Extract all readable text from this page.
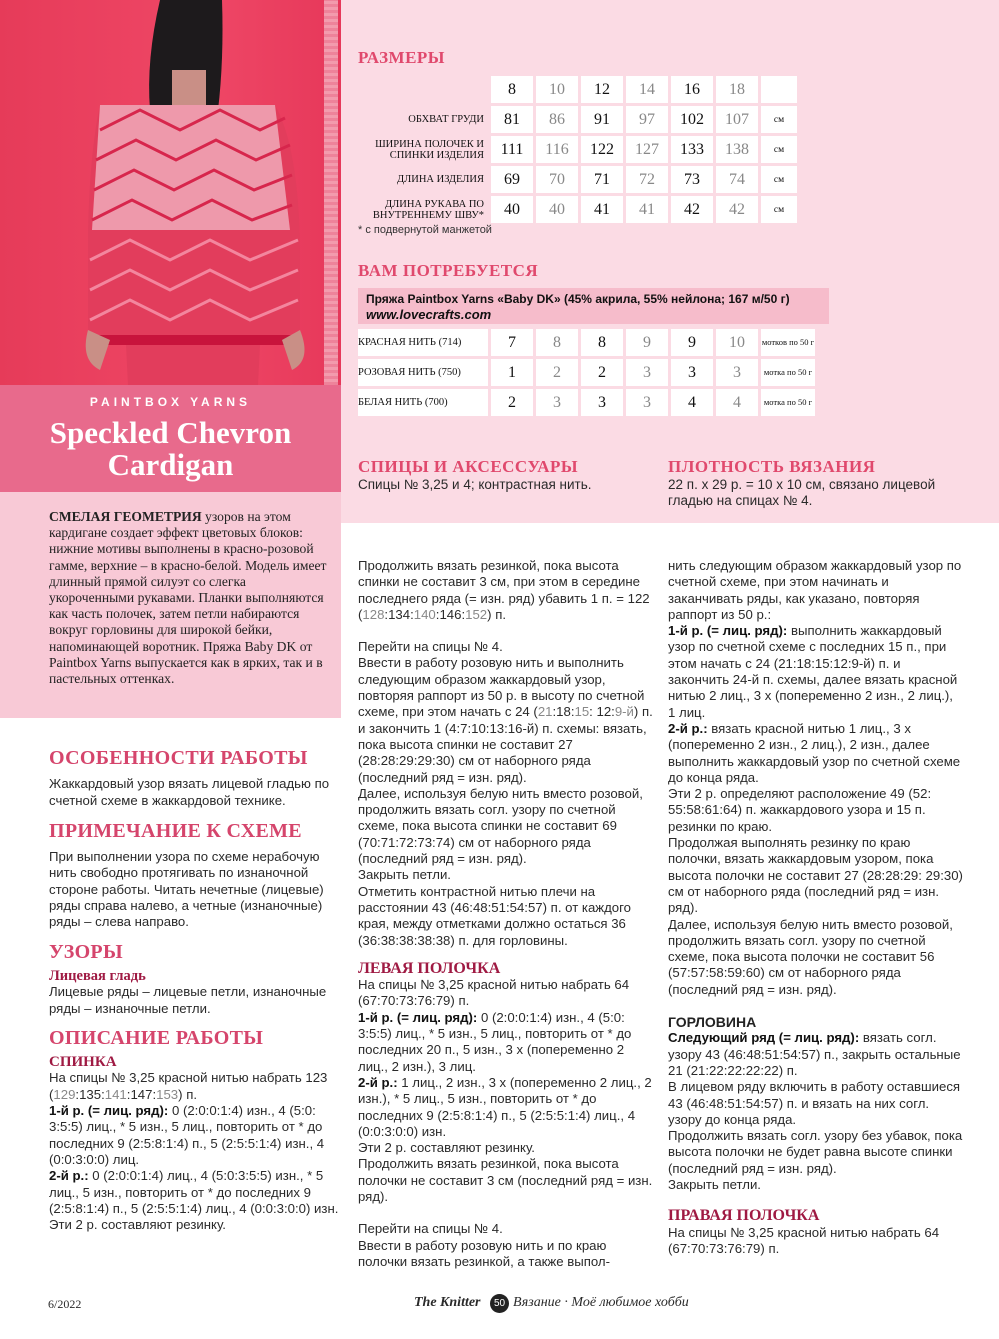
PAINTBOX YARNS
Speckled Chevron
Cardigan

СМЕЛАЯ ГЕОМЕТРИЯ узоров на этом кардигане создает эффект цветовых блоков: нижние мотивы выполнены в красно-розовой гамме, верхние – в красно-белой. Модель имеет длинный прямой силуэт со слегка укороченными рукавами. Планки выполняются как часть полочек, затем петли набираются вокруг горловины для широкой бейки, напоминающей воротник. Пряжа Baby DK от Paintbox Yarns выпускается как в ярких, так и в пастельных оттенках.

РАЗМЕРЫ
	8	10	12	14	16	18	
ОБХВАТ ГРУДИ	81	86	91	97	102	107	см
ШИРИНА ПОЛОЧЕК И СПИНКИ ИЗДЕЛИЯ	111	116	122	127	133	138	см
ДЛИНА ИЗДЕЛИЯ	69	70	71	72	73	74	см
ДЛИНА РУКАВА ПО ВНУТРЕННЕМУ ШВУ*	40	40	41	41	42	42	см
* с подвернутой манжетой
ВАМ ПОТРЕБУЕТСЯ
Пряжа Paintbox Yarns «Baby DK» (45% акрила, 55% нейлона; 167 м/50 г)
www.lovecrafts.com
КРАСНАЯ НИТЬ (714)	7	8	8	9	9	10	мотков по 50 г
РОЗОВАЯ НИТЬ (750)	1	2	2	3	3	3	мотка по 50 г
БЕЛАЯ НИТЬ (700)	2	3	3	3	4	4	мотка по 50 г
СПИЦЫ И АКСЕССУАРЫ
Спицы № 3,25 и 4; контрастная нить.
ПЛОТНОСТЬ ВЯЗАНИЯ
22 п. х 29 р. = 10 х 10 см, связано лицевой гладью на спицах № 4.
ОСОБЕННОСТИ РАБОТЫ
Жаккардовый узор вязать лицевой гладью по счетной схеме в жаккардовой технике.
ПРИМЕЧАНИЕ К СХЕМЕ
При выполнении узора по схеме нерабочую нить свободно протягивать по изнаночной стороне работы. Читать нечетные (лицевые) ряды справа налево, а четные (изнаночные) ряды – слева направо.
УЗОРЫ
Лицевая гладь
Лицевые ряды – лицевые петли, изнаночные ряды – изнаночные петли.
ОПИСАНИЕ РАБОТЫ
СПИНКА
На спицы № 3,25 красной нитью набрать 123 (129:135:141:147:153) п.
1-й р. (= лиц. ряд): 0 (2:0:0:1:4) изн., 4 (5:0: 3:5:5) лиц., * 5 изн., 5 лиц., повторить от * до последних 9 (2:5:8:1:4) п., 5 (2:5:5:1:4) изн., 4 (0:0:3:0:0) лиц.
2-й р.: 0 (2:0:0:1:4) лиц., 4 (5:0:3:5:5) изн., * 5 лиц., 5 изн., повторить от * до последних 9 (2:5:8:1:4) п., 5 (2:5:5:1:4) лиц., 4 (0:0:3:0:0) изн.
Эти 2 р. составляют резинку.
Продолжить вязать резинкой, пока высота спинки не составит 3 см, при этом в середине последнего ряда (= изн. ряд) убавить 1 п. = 122 (128:134:140:146:152) п.
Перейти на спицы № 4.
Ввести в работу розовую нить и выполнить следующим образом жаккардовый узор, повторяя раппорт из 50 р. в высоту по счетной схеме, при этом начать с 24 (21:18:15: 12:9-й) п. и закончить 1 (4:7:10:13:16-й) п. схемы: вязать, пока высота спинки не составит 27 (28:28:29:29:30) см от наборного ряда (последний ряд = изн. ряд).
Далее, используя белую нить вместо розовой, продолжить вязать согл. узору по счетной схеме, пока высота спинки не составит 69 (70:71:72:73:74) см от наборного ряда (последний ряд = изн. ряд).
Закрыть петли.
Отметить контрастной нитью плечи на расстоянии 43 (46:48:51:54:57) п. от каждого края, между отметками должно остаться 36 (36:38:38:38:38) п. для горловины.
ЛЕВАЯ ПОЛОЧКА
На спицы № 3,25 красной нитью набрать 64 (67:70:73:76:79) п.
1-й р. (= лиц. ряд): 0 (2:0:0:1:4) изн., 4 (5:0: 3:5:5) лиц., * 5 изн., 5 лиц., повторить от * до последних 20 п., 5 изн., 3 х (попеременно 2 лиц., 2 изн.), 3 лиц.
2-й р.: 1 лиц., 2 изн., 3 х (попеременно 2 лиц., 2 изн.), * 5 лиц., 5 изн., повторить от * до последних 9 (2:5:8:1:4) п., 5 (2:5:5:1:4) лиц., 4 (0:0:3:0:0) изн.
Эти 2 р. составляют резинку.
Продолжить вязать резинкой, пока высота полочки не составит 3 см (последний ряд = изн. ряд).
Перейти на спицы № 4.
Ввести в работу розовую нить и по краю полочки вязать резинкой, а также выпол-
нить следующим образом жаккардовый узор по счетной схеме, при этом начинать и заканчивать ряды, как указано, повторяя раппорт из 50 р.:
1-й р. (= лиц. ряд): выполнить жаккардовый узор по счетной схеме с последних 15 п., при этом начать с 24 (21:18:15:12:9-й) п. и закончить 24-й п. схемы, далее вязать красной нитью 2 лиц., 3 х (попеременно 2 изн., 2 лиц.), 1 лиц.
2-й р.: вязать красной нитью 1 лиц., 3 х (попеременно 2 изн., 2 лиц.), 2 изн., далее выполнить жаккардовый узор по счетной схеме до конца ряда.
Эти 2 р. определяют расположение 49 (52: 55:58:61:64) п. жаккардового узора и 15 п. резинки по краю.
Продолжая выполнять резинку по краю полочки, вязать жаккардовым узором, пока высота полочки не составит 27 (28:28:29: 29:30) см от наборного ряда (последний ряд = изн. ряд).
Далее, используя белую нить вместо розовой, продолжить вязать согл. узору по счетной схеме, пока высота полочки не составит 56 (57:57:58:59:60) см от наборного ряда (последний ряд = изн. ряд).
ГОРЛОВИНА
Следующий ряд (= лиц. ряд): вязать согл. узору 43 (46:48:51:54:57) п., закрыть остальные 21 (21:22:22:22:22) п.
В лицевом ряду включить в работу оставшиеся 43 (46:48:51:54:57) п. и вязать на них согл. узору до конца ряда.
Продолжить вязать согл. узору без убавок, пока высота полочки не будет равна высоте спинки (последний ряд = изн. ряд).
Закрыть петли.
ПРАВАЯ ПОЛОЧКА
На спицы № 3,25 красной нитью набрать 64 (67:70:73:76:79) п.
6/2022	The Knitter	50 Вязание · Моё любимое хобби
